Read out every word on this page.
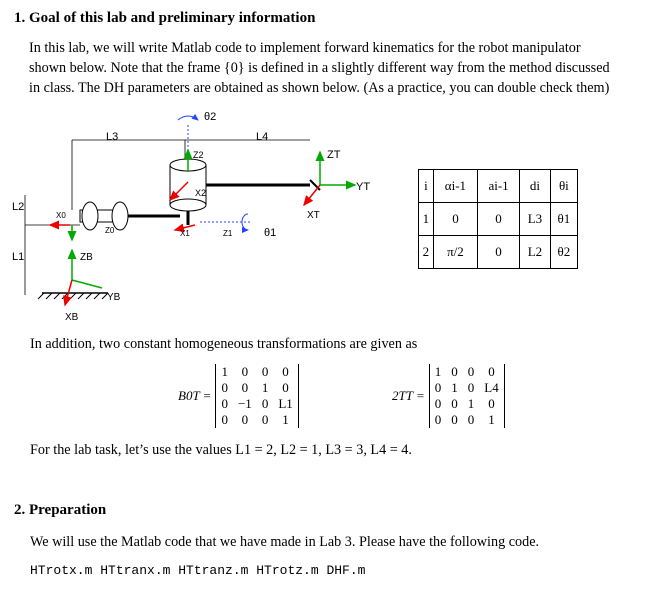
1. Goal of this lab and preliminary information
In this lab, we will write Matlab code to implement forward kinematics for the robot manipulator
shown below. Note that the frame {0} is defined in a slightly different way from the method discussed
in class. The DH parameters are obtained as shown below. (As a practice, you can double check them)
L3	L4
L2
L1
θ2
Z2
X2
ZT
YT
XT
X0
Z0	X1	Z1	θ1
ZB
YB
XB
i	αi-1	ai-1	di	θi
1	0	0	L3	θ1
2	π/2	0	L2	θ2
In addition, two constant homogeneous transformations are given as
B0T =
1	0	0	0
0	0	1	0
0	−1	0	L1
0	0	0	1
2TT =
1	0	0	0
0	1	0	L4
0	0	1	0
0	0	0	1
For the lab task, let’s use the values L1 = 2, L2 = 1, L3 = 3, L4 = 4.
2. Preparation
We will use the Matlab code that we have made in Lab 3. Please have the following code.
HTrotx.m HTtranx.m HTtranz.m HTrotz.m DHF.m
